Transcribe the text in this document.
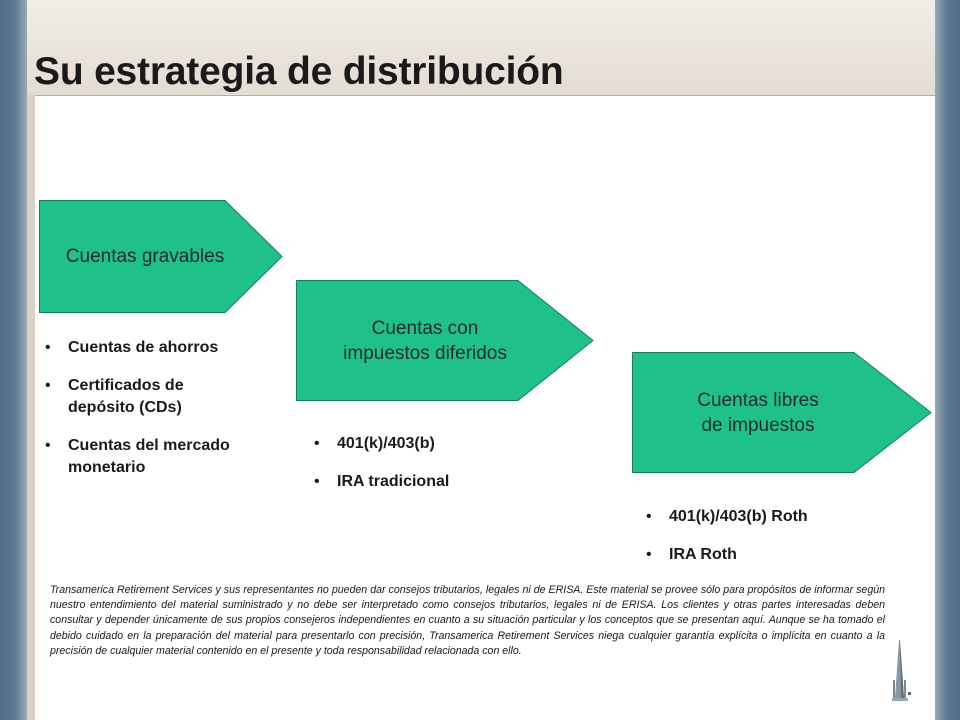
Su estrategia de distribución
Cuentas gravables
Cuentas con
impuestos diferidos
Cuentas libres
de impuestos
• Cuentas de ahorros
• Certificados de depósito (CDs)
• Cuentas del mercado monetario
• 401(k)/403(b)
• IRA tradicional
• 401(k)/403(b) Roth
• IRA Roth

Transamerica Retirement Services y sus representantes no pueden dar consejos tributarios, legales ni de ERISA. Este material se provee sólo para propósitos de informar según nuestro entendimiento del material suministrado y no debe ser interpretado como consejos tributarios, legales ni de ERISA. Los clientes y otras partes interesadas deben consultar y depender únicamente de sus propios consejeros independientes en cuanto a su situación particular y los conceptos que se presentan aquí. Aunque se ha tomado el debido cuidado en la preparación del material para presentarlo con precisión, Transamerica Retirement Services niega cualquier garantía explícita o implícita en cuanto a la precisión de cualquier material contenido en el presente y toda responsabilidad relacionada con ello.
